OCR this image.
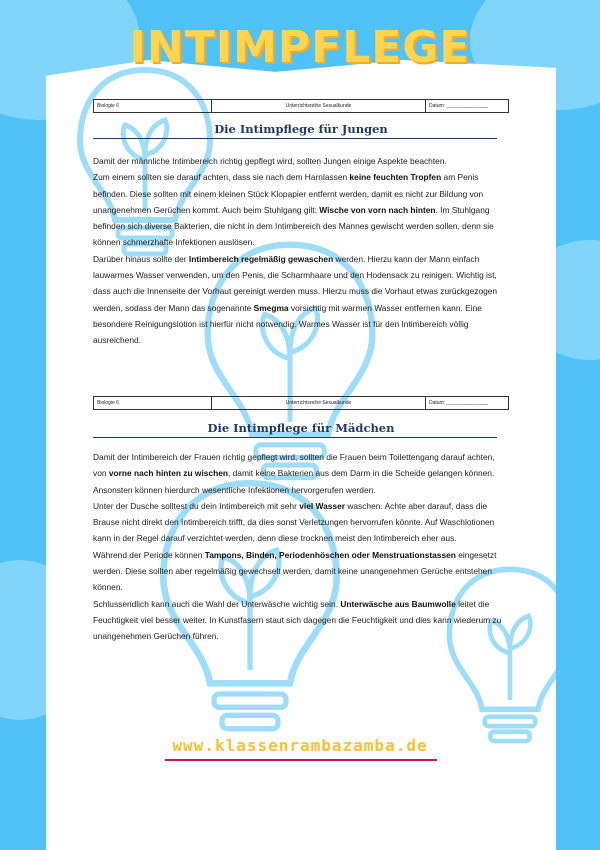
INTIMPFLEGE
Biologie 6	Unterrichtsreihe Sexualkunde	Datum: _______________
Die Intimpflege für Jungen

Damit der männliche Intimbereich richtig gepflegt wird, sollten Jungen einige Aspekte beachten.

Zum einem sollten sie darauf achten, dass sie nach dem Harnlassen keine feuchten Tropfen am Penis befinden. Diese sollten mit einem kleinen Stück Klopapier entfernt werden, damit es nicht zur Bildung von unangenehmen Gerüchen kommt. Auch beim Stuhlgang gilt: Wische von vorn nach hinten. Im Stuhlgang befinden sich diverse Bakterien, die nicht in dem Intimbereich des Mannes gewischt werden sollen, denn sie können schmerzhafte Infektionen auslösen.

Darüber hinaus sollte der Intimbereich regelmäßig gewaschen werden. Hierzu kann der Mann einfach lauwarmes Wasser verwenden, um den Penis, die Scharmhaare und den Hodensack zu reinigen. Wichtig ist, dass auch die Innenseite der Vorhaut gereinigt werden muss. Hierzu muss die Vorhaut etwas zurückgezogen werden, sodass der Mann das sogenannte Smegma vorsichtig mit warmen Wasser entfernen kann. Eine besondere Reinigungslotion ist hierfür nicht notwendig. Warmes Wasser ist für den Intimbereich völlig ausreichend.

Biologie 6	Unterrichtsreihe Sexualkunde	Datum: _______________
Die Intimpflege für Mädchen

Damit der Intimbereich der Frauen richtig gepflegt wird, sollten die Frauen beim Toilettengang darauf achten, von vorne nach hinten zu wischen, damit keine Bakterien aus dem Darm in die Scheide gelangen können. Ansonsten können hierdurch wesentliche Infektionen hervorgerufen werden.

Unter der Dusche solltest du dein Intimbereich mit sehr viel Wasser waschen. Achte aber darauf, dass die Brause nicht direkt den Intimbereich trifft, da dies sonst Verletzungen hervorrufen könnte. Auf Waschlotionen kann in der Regel darauf verzichtet werden, denn diese trocknen meist den Intimbereich eher aus.

Während der Periode können Tampons, Binden, Periodenhöschen oder Menstruationstassen eingesetzt werden. Diese sollten aber regelmäßig gewechselt werden, damit keine unangenehmen Gerüche entstehen können.

Schlussendlich kann auch die Wahl der Unterwäsche wichtig sein. Unterwäsche aus Baumwolle leitet die Feuchtigkeit viel besser weiter. In Kunstfasern staut sich dagegen die Feuchtigkeit und dies kann wiederum zu unangenehmen Gerüchen führen.

www.klassenrambazamba.de
